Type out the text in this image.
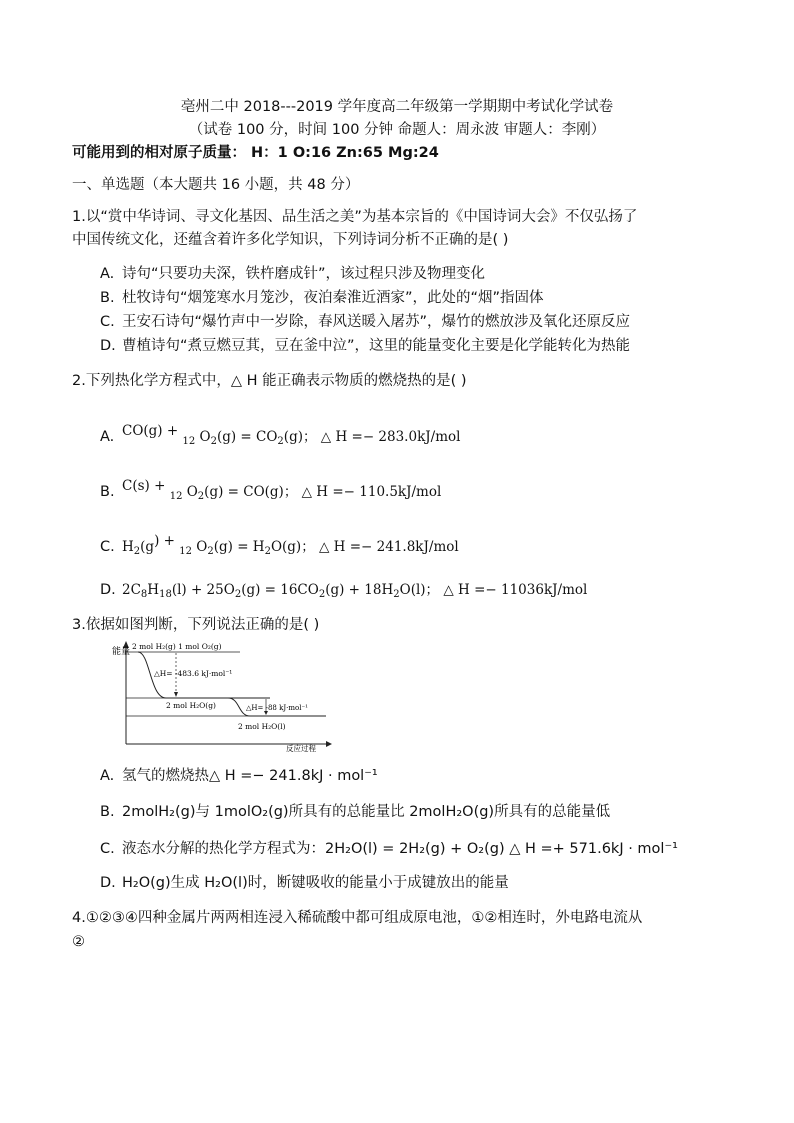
亳州二中 2018---2019 学年度高二年级第一学期期中考试化学试卷
（试卷 100 分，时间 100 分钟 命题人：周永波 审题人：李刚）
可能用到的相对原子质量： H：1 O:16 Zn:65 Mg:24
一、单选题（本大题共 16 小题，共 48 分）
1.以“赏中华诗词、寻文化基因、品生活之美”为基本宗旨的《中国诗词大会》不仅弘扬了
中国传统文化，还蕴含着许多化学知识，下列诗词分析不正确的是( )
A. 诗句“只要功夫深，铁杵磨成针”，该过程只涉及物理变化
B. 杜牧诗句“烟笼寒水月笼沙，夜泊秦淮近酒家”，此处的“烟”指固体
C. 王安石诗句“爆竹声中一岁除，春风送暖入屠苏”，爆竹的燃放涉及氧化还原反应
D. 曹植诗句“煮豆燃豆萁，豆在釜中泣”，这里的能量变化主要是化学能转化为热能
2.下列热化学方程式中，△ H 能正确表示物质的燃烧热的是( )
A. CO(g) + $_{12}$ $O_2(g) = CO_2(g)$； △ H =− 283.0kJ/mol
B. C(s) + $_{12}$ $O_2(g) = CO(g)$； △ H =− 110.5kJ/mol
C. $H_2(g) + _{12}$ $O_2(g) = H_2O(g)$； △ H =− 241.8kJ/mol
D. $2C_8H_{18}(l) + 25O_2(g) = 16CO_2(g) + 18H_2O(l)$； △ H =− 11036kJ/mol
3.依据如图判断，下列说法正确的是( )
能量
反应过程
2 mol H₂(g) 1 mol O₂(g)
2 mol H₂O(g)
△H= -483.6 kJ·mol⁻¹
2 mol H₂O(l)
△H= -88 kJ·mol⁻¹
A. 氢气的燃烧热△ H =− 241.8kJ · mol⁻¹
B. 2molH₂(g)与 1molO₂(g)所具有的总能量比 2molH₂O(g)所具有的总能量低
C. 液态水分解的热化学方程式为：2H₂O(l) = 2H₂(g) + O₂(g) △ H =+ 571.6kJ · mol⁻¹
D. H₂O(g)生成 H₂O(l)时，断键吸收的能量小于成键放出的能量
4.①②③④四种金属片两两相连浸入稀硫酸中都可组成原电池，①②相连时，外电路电流从
②
